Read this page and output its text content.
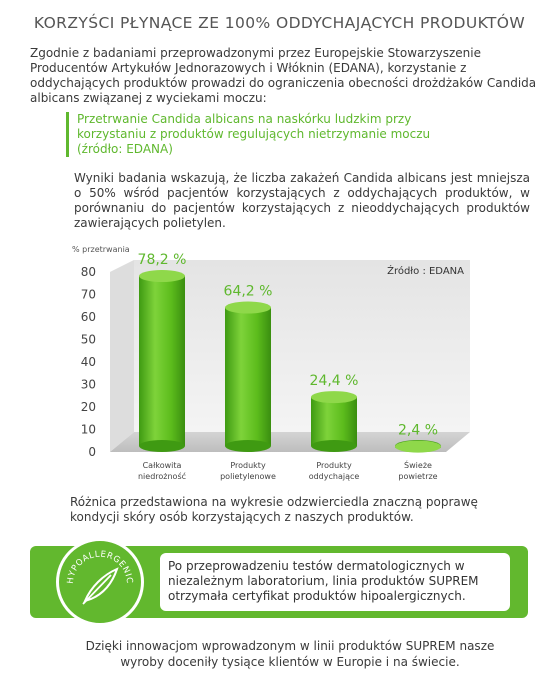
KORZYŚCI PŁYNĄCE ZE 100% ODDYCHAJĄCYCH PRODUKTÓW
Zgodnie z badaniami przeprowadzonymi przez Europejskie Stowarzyszenie Producentów Artykułów Jednorazowych i Włóknin (EDANA), korzystanie z oddychających produktów prowadzi do ograniczenia obecności drożdżaków Candida albicans związanej z wyciekami moczu:
Przetrwanie Candida albicans na naskórku ludzkim przy korzystaniu z produktów regulujących nietrzymanie moczu (źródło: EDANA)
Wyniki badania wskazują, że liczba zakażeń Candida albicans jest mniejsza o 50% wśród pacjentów korzystających z oddychających produktów, w porównaniu do pacjentów korzystających z nieoddychających produktów zawierających polietylen.
% przetrwania
0
10
20
30
40
50
60
70
80
78,2 %
64,2 %
24,4 %
2,4 %
Całkowita niedrożność
Produkty polietylenowe
Produkty oddychające
Świeże powietrze
Źródło : EDANA
Różnica przedstawiona na wykresie odzwierciedla znaczną poprawę kondycji skóry osób korzystających z naszych produktów.
HYPOALLERGENIC
Po przeprowadzeniu testów dermatologicznych w niezależnym laboratorium, linia produktów SUPREM otrzymała certyfikat produktów hipoalergicznych.
Dzięki innowacjom wprowadzonym w linii produktów SUPREM nasze wyroby doceniły tysiące klientów w Europie i na świecie.
